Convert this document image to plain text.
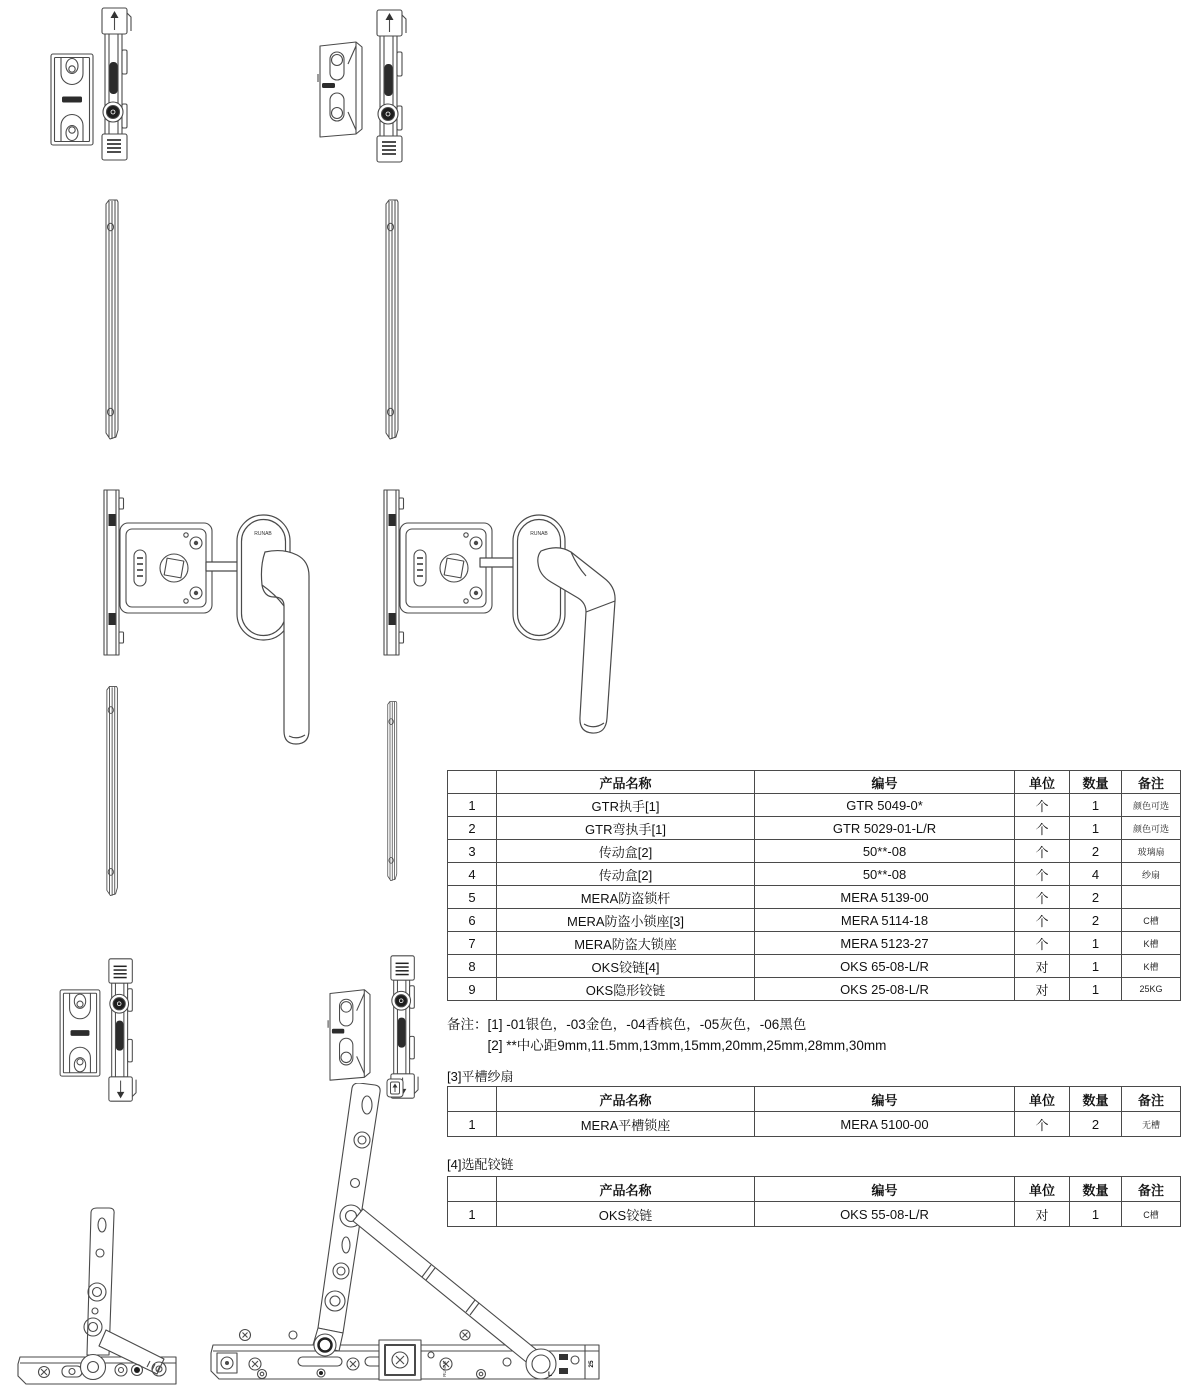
RUNAB	RUNAB
RUNAB	L
25
	产品名称	编号	单位	数量	备注
1	GTR执手[1]	GTR 5049-0*	个	1	颜色可选
2	GTR弯执手[1]	GTR 5029-01-L/R	个	1	颜色可选
3	传动盒[2]	50**-08	个	2	玻璃扇
4	传动盒[2]	50**-08	个	4	纱扇
5	MERA防盗锁杆	MERA 5139-00	个	2	
6	MERA防盗小锁座[3]	MERA 5114-18	个	2	C槽
7	MERA防盗大锁座	MERA 5123-27	个	1	K槽
8	OKS铰链[4]	OKS 65-08-L/R	对	1	K槽
9	OKS隐形铰链	OKS 25-08-L/R	对	1	25KG
备注： [1] -01银色，-03金色，-04香槟色，-05灰色，-06黑色
[2] **中心距9mm,11.5mm,13mm,15mm,20mm,25mm,28mm,30mm
[3]平槽纱扇
	产品名称	编号	单位	数量	备注
1	MERA平槽锁座	MERA 5100-00	个	2	无槽
[4]选配铰链
	产品名称	编号	单位	数量	备注
1	OKS铰链	OKS 55-08-L/R	对	1	C槽
